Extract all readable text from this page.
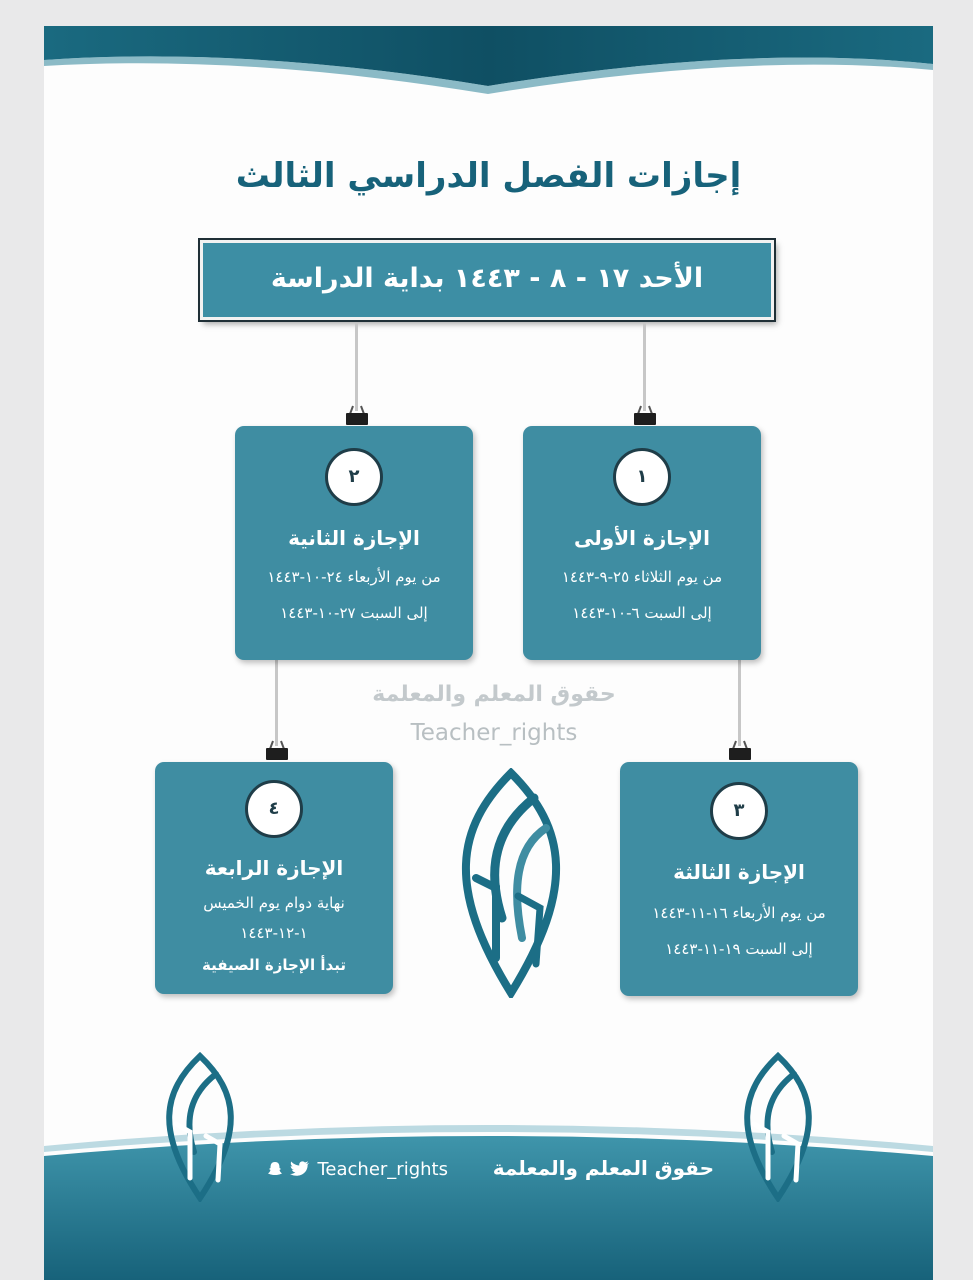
إجازات الفصل الدراسي الثالث
الأحد ١٧ - ٨ - ١٤٤٣ بداية الدراسة
١
الإجازة الأولى
من يوم الثلاثاء ٢٥-٩-١٤٤٣
إلى السبت ٦-١٠-١٤٤٣
٢
الإجازة الثانية
من يوم الأربعاء ٢٤-١٠-١٤٤٣
إلى السبت ٢٧-١٠-١٤٤٣
٣
الإجازة الثالثة
من يوم الأربعاء ١٦-١١-١٤٤٣
إلى السبت ١٩-١١-١٤٤٣
٤
الإجازة الرابعة
نهاية دوام يوم الخميس
١-١٢-١٤٤٣
تبدأ الإجازة الصيفية
حقوق المعلم والمعلمة
Teacher_rights
حقوق المعلم والمعلمة
Teacher_rights
